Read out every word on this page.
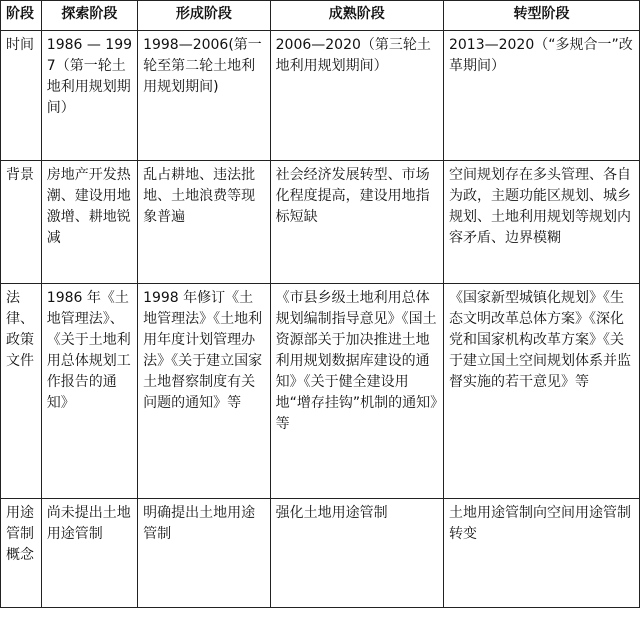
阶段	探索阶段	形成阶段	成熟阶段	转型阶段
时间	1986 — 1997（第一轮土地利用规划期间）	1998—2006(第一轮至第二轮土地利用规划期间)	2006—2020（第三轮土地利用规划期间）	2013—2020（“多规合一”改革期间）
背景	房地产开发热潮、建设用地激增、耕地锐减	乱占耕地、违法批地、土地浪费等现象普遍	社会经济发展转型、市场化程度提高，建设用地指标短缺	空间规划存在多头管理、各自为政，主题功能区规划、城乡规划、土地利用规划等规划内容矛盾、边界模糊
法律、政策文件	1986 年《土地管理法》、《关于土地利用总体规划工作报告的通知》	1998 年修订《土地管理法》《土地利用年度计划管理办法》《关于建立国家土地督察制度有关问题的通知》等	《市县乡级土地利用总体规划编制指导意见》《国土资源部关于加决推进土地利用规划数据库建设的通知》《关于健全建设用地“增存挂钩”机制的通知》等	《国家新型城镇化规划》《生态文明改革总体方案》《深化党和国家机构改革方案》《关于建立国土空间规划体系并监督实施的若干意见》等
用途管制概念	尚未提出土地用途管制	明确提出土地用途管制	强化土地用途管制	土地用途管制向空间用途管制转变
